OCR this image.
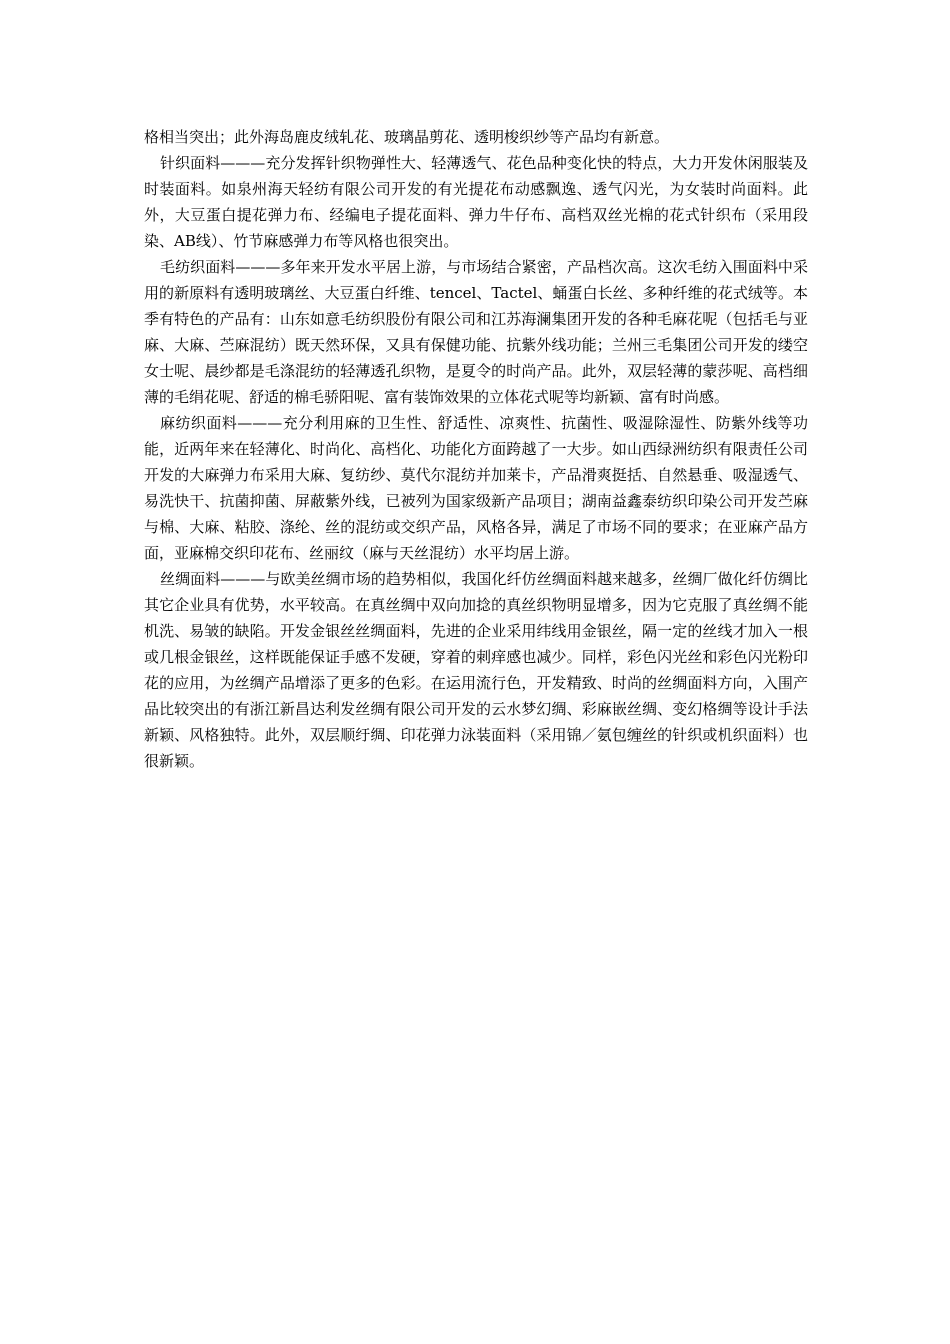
格相当突出；此外海岛鹿皮绒轧花、玻璃晶剪花、透明梭织纱等产品均有新意。

针织面料———充分发挥针织物弹性大、轻薄透气、花色品种变化快的特点，大力开发休闲服装及时装面料。如泉州海天轻纺有限公司开发的有光提花布动感飘逸、透气闪光，为女装时尚面料。此外，大豆蛋白提花弹力布、经编电子提花面料、弹力牛仔布、高档双丝光棉的花式针织布（采用段染、AB线）、竹节麻感弹力布等风格也很突出。

毛纺织面料———多年来开发水平居上游，与市场结合紧密，产品档次高。这次毛纺入围面料中采用的新原料有透明玻璃丝、大豆蛋白纤维、tencel、Tactel、蛹蛋白长丝、多种纤维的花式绒等。本季有特色的产品有：山东如意毛纺织股份有限公司和江苏海澜集团开发的各种毛麻花呢（包括毛与亚麻、大麻、苎麻混纺）既天然环保，又具有保健功能、抗紫外线功能；兰州三毛集团公司开发的缕空女士呢、晨纱都是毛涤混纺的轻薄透孔织物，是夏令的时尚产品。此外，双层轻薄的蒙莎呢、高档细薄的毛绢花呢、舒适的棉毛骄阳呢、富有装饰效果的立体花式呢等均新颖、富有时尚感。

麻纺织面料———充分利用麻的卫生性、舒适性、凉爽性、抗菌性、吸湿除湿性、防紫外线等功能，近两年来在轻薄化、时尚化、高档化、功能化方面跨越了一大步。如山西绿洲纺织有限责任公司开发的大麻弹力布采用大麻、复纺纱、莫代尔混纺并加莱卡，产品滑爽挺括、自然悬垂、吸湿透气、易洗快干、抗菌抑菌、屏蔽紫外线，已被列为国家级新产品项目；湖南益鑫泰纺织印染公司开发苎麻与棉、大麻、粘胶、涤纶、丝的混纺或交织产品，风格各异，满足了市场不同的要求；在亚麻产品方面，亚麻棉交织印花布、丝丽纹（麻与天丝混纺）水平均居上游。

丝绸面料———与欧美丝绸市场的趋势相似，我国化纤仿丝绸面料越来越多，丝绸厂做化纤仿绸比其它企业具有优势，水平较高。在真丝绸中双向加捻的真丝织物明显增多，因为它克服了真丝绸不能机洗、易皱的缺陷。开发金银丝丝绸面料，先进的企业采用纬线用金银丝，隔一定的丝线才加入一根或几根金银丝，这样既能保证手感不发硬，穿着的刺痒感也减少。同样，彩色闪光丝和彩色闪光粉印花的应用，为丝绸产品增添了更多的色彩。在运用流行色，开发精致、时尚的丝绸面料方向，入围产品比较突出的有浙江新昌达利发丝绸有限公司开发的云水梦幻绸、彩麻嵌丝绸、变幻格绸等设计手法新颖、风格独特。此外，双层顺纡绸、印花弹力泳装面料（采用锦／氨包缠丝的针织或机织面料）也很新颖。
